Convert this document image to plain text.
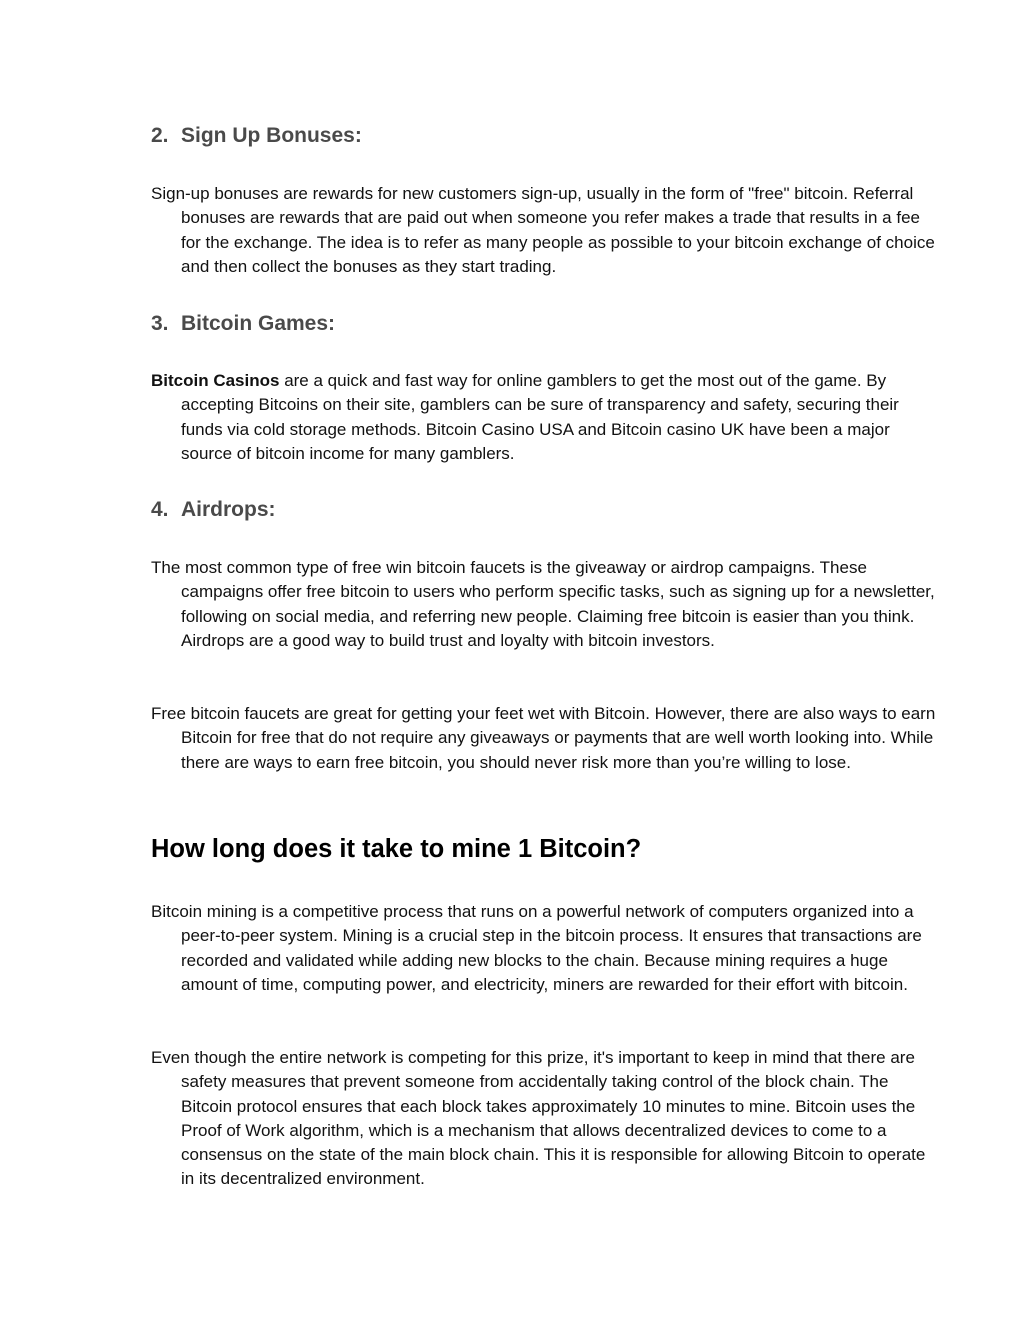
2. Sign Up Bonuses:
Sign-up bonuses are rewards for new customers sign-up, usually in the form of "free" bitcoin. Referral bonuses are rewards that are paid out when someone you refer makes a trade that results in a fee for the exchange. The idea is to refer as many people as possible to your bitcoin exchange of choice and then collect the bonuses as they start trading.
3. Bitcoin Games:
Bitcoin Casinos are a quick and fast way for online gamblers to get the most out of the game. By accepting Bitcoins on their site, gamblers can be sure of transparency and safety, securing their funds via cold storage methods. Bitcoin Casino USA and Bitcoin casino UK have been a major source of bitcoin income for many gamblers.
4. Airdrops:
The most common type of free win bitcoin faucets is the giveaway or airdrop campaigns. These campaigns offer free bitcoin to users who perform specific tasks, such as signing up for a newsletter, following on social media, and referring new people. Claiming free bitcoin is easier than you think. Airdrops are a good way to build trust and loyalty with bitcoin investors.
Free bitcoin faucets are great for getting your feet wet with Bitcoin. However, there are also ways to earn Bitcoin for free that do not require any giveaways or payments that are well worth looking into. While there are ways to earn free bitcoin, you should never risk more than you’re willing to lose.
How long does it take to mine 1 Bitcoin?
Bitcoin mining is a competitive process that runs on a powerful network of computers organized into a peer-to-peer system. Mining is a crucial step in the bitcoin process. It ensures that transactions are recorded and validated while adding new blocks to the chain. Because mining requires a huge amount of time, computing power, and electricity, miners are rewarded for their effort with bitcoin.
Even though the entire network is competing for this prize, it's important to keep in mind that there are safety measures that prevent someone from accidentally taking control of the block chain. The Bitcoin protocol ensures that each block takes approximately 10 minutes to mine. Bitcoin uses the Proof of Work algorithm, which is a mechanism that allows decentralized devices to come to a consensus on the state of the main block chain. This it is responsible for allowing Bitcoin to operate in its decentralized environment.
